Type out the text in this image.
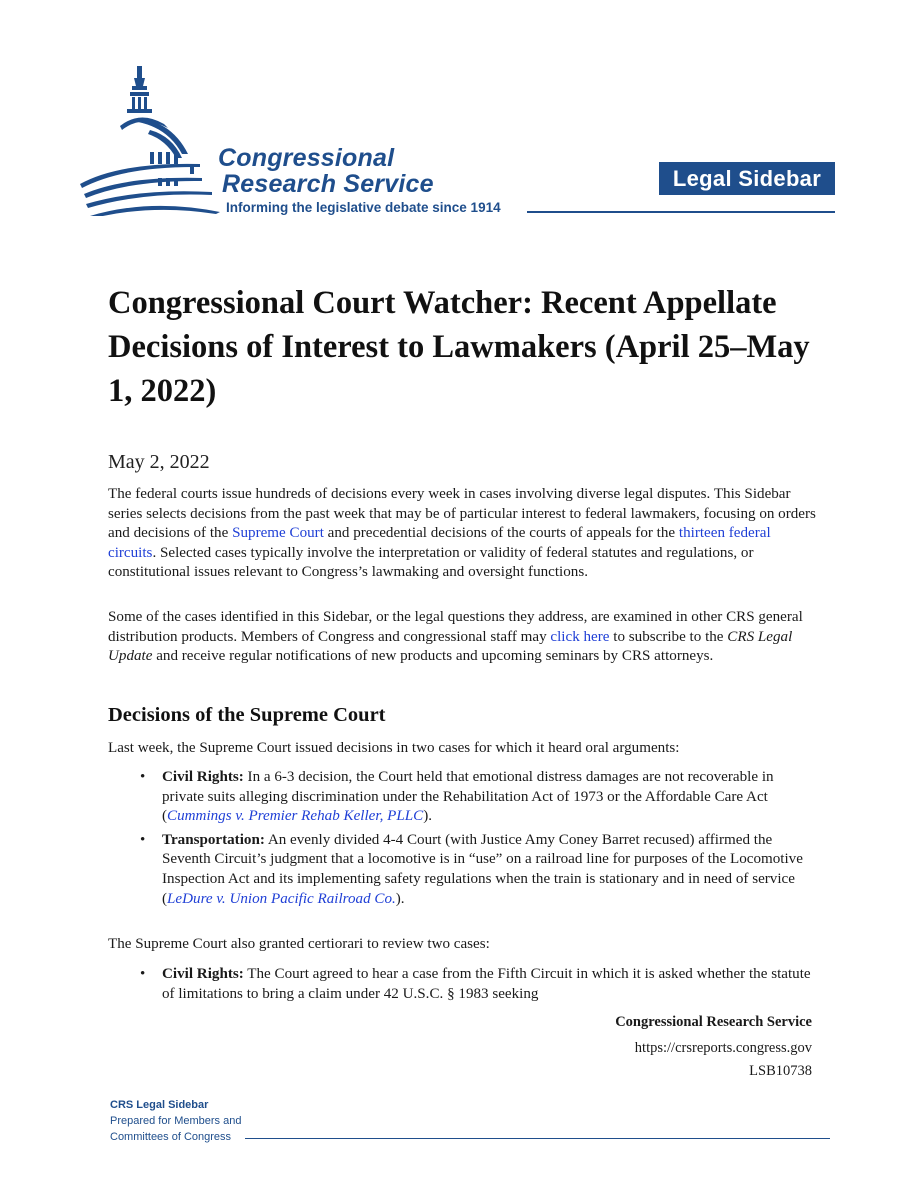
Congressional
Research Service
Informing the legislative debate since 1914
Legal Sidebar
Congressional Court Watcher: Recent Appellate Decisions of Interest to Lawmakers (April 25–May 1, 2022)
May 2, 2022

The federal courts issue hundreds of decisions every week in cases involving diverse legal disputes. This Sidebar series selects decisions from the past week that may be of particular interest to federal lawmakers, focusing on orders and decisions of the Supreme Court and precedential decisions of the courts of appeals for the thirteen federal circuits. Selected cases typically involve the interpretation or validity of federal statutes and regulations, or constitutional issues relevant to Congress’s lawmaking and oversight functions.

Some of the cases identified in this Sidebar, or the legal questions they address, are examined in other CRS general distribution products. Members of Congress and congressional staff may click here to subscribe to the CRS Legal Update and receive regular notifications of new products and upcoming seminars by CRS attorneys.

Decisions of the Supreme Court

Last week, the Supreme Court issued decisions in two cases for which it heard oral arguments:

• Civil Rights: In a 6-3 decision, the Court held that emotional distress damages are not recoverable in private suits alleging discrimination under the Rehabilitation Act of 1973 or the Affordable Care Act (Cummings v. Premier Rehab Keller, PLLC).
• Transportation: An evenly divided 4-4 Court (with Justice Amy Coney Barret recused) affirmed the Seventh Circuit’s judgment that a locomotive is in “use” on a railroad line for purposes of the Locomotive Inspection Act and its implementing safety regulations when the train is stationary and in need of service (LeDure v. Union Pacific Railroad Co.).

The Supreme Court also granted certiorari to review two cases:

• Civil Rights: The Court agreed to hear a case from the Fifth Circuit in which it is asked whether the statute of limitations to bring a claim under 42 U.S.C. § 1983 seeking
Congressional Research Service
https://crsreports.congress.gov
LSB10738
CRS Legal Sidebar
Prepared for Members and
Committees of Congress
